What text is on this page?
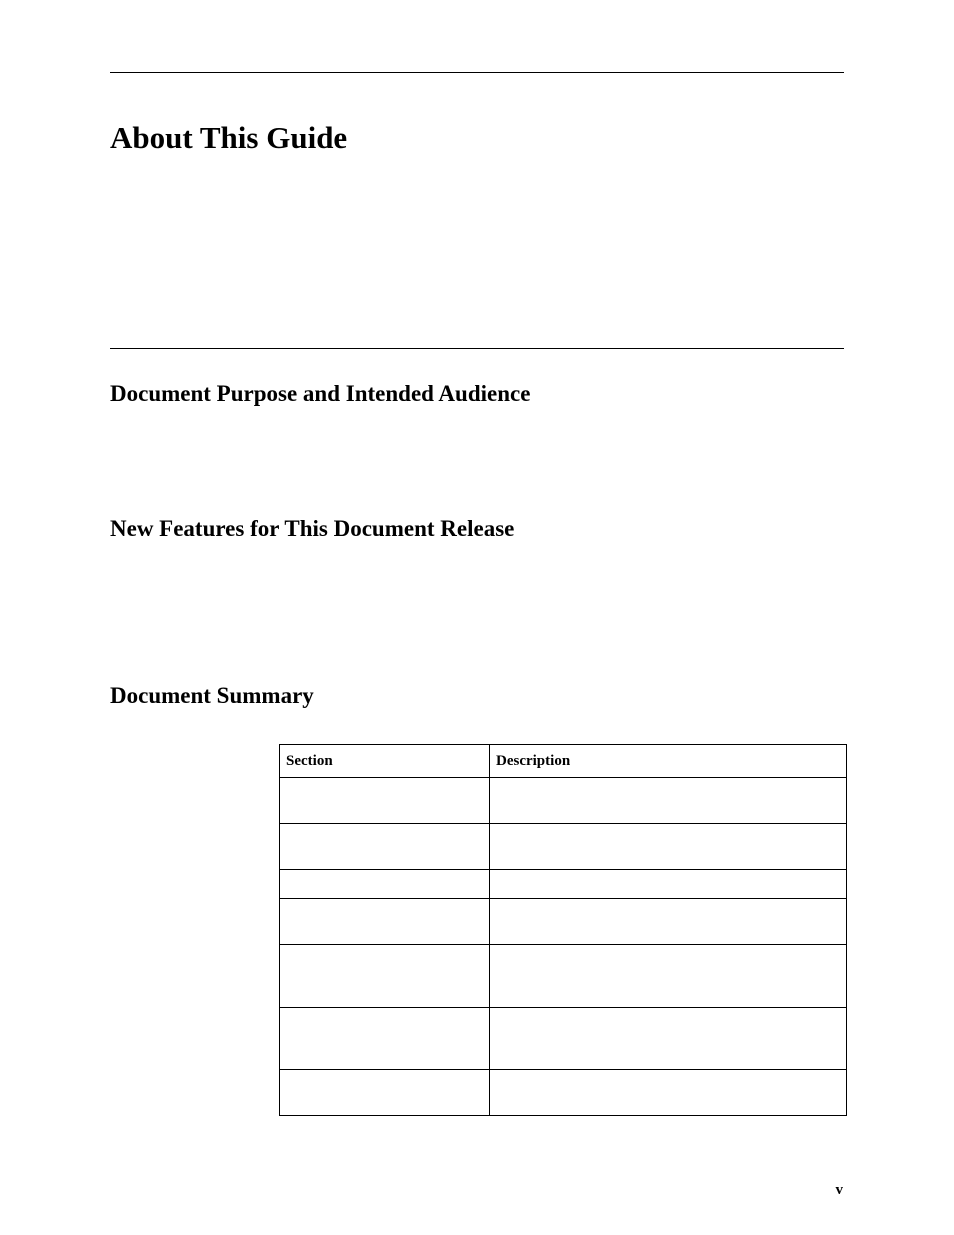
About This Guide
Document Purpose and Intended Audience
New Features for This Document Release
Document Summary
Section	Description

v
